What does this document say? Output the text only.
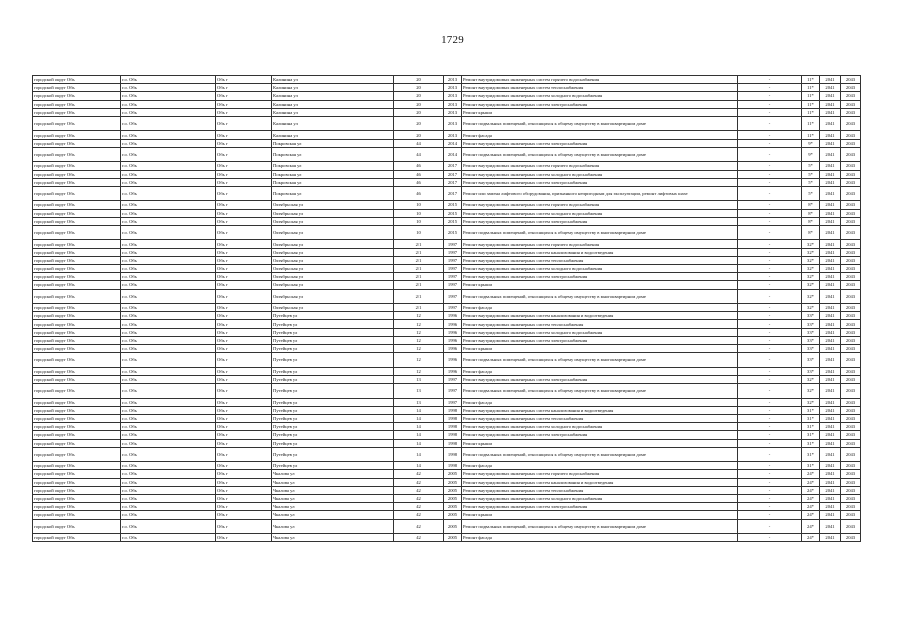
1729
городской округ Обь	г.о. Обь	Обь г	Калинина ул	20	2013	Ремонт внутридомовых инженерных систем горячего водоснабжения	-	11*	2041	2043
городской округ Обь	г.о. Обь	Обь г	Калинина ул	20	2013	Ремонт внутридомовых инженерных систем теплоснабжения	-	11*	2041	2043
городской округ Обь	г.о. Обь	Обь г	Калинина ул	20	2013	Ремонт внутридомовых инженерных систем холодного водоснабжения	-	11*	2041	2043
городской округ Обь	г.о. Обь	Обь г	Калинина ул	20	2013	Ремонт внутридомовых инженерных систем электроснабжения	-	11*	2041	2043
городской округ Обь	г.о. Обь	Обь г	Калинина ул	20	2013	Ремонт крыши	-	11*	2041	2043
городской округ Обь	г.о. Обь	Обь г	Калинина ул	20	2013	Ремонт подвальных помещений, относящихся к общему имуществу в многоквартирном доме	-	11*	2041	2043
городской округ Обь	г.о. Обь	Обь г	Калинина ул	20	2013	Ремонт фасада	-	11*	2041	2043
городской округ Обь	г.о. Обь	Обь г	Покровская ул	44	2014	Ремонт внутридомовых инженерных систем электроснабжения	-	9*	2041	2043
городской округ Обь	г.о. Обь	Обь г	Покровская ул	44	2014	Ремонт подвальных помещений, относящихся к общему имуществу в многоквартирном доме	-	9*	2041	2043
городской округ Обь	г.о. Обь	Обь г	Покровская ул	46	2017	Ремонт внутридомовых инженерных систем горячего водоснабжения	-	5*	2041	2043
городской округ Обь	г.о. Обь	Обь г	Покровская ул	46	2017	Ремонт внутридомовых инженерных систем холодного водоснабжения	-	5*	2041	2043
городской округ Обь	г.о. Обь	Обь г	Покровская ул	46	2017	Ремонт внутридомовых инженерных систем электроснабжения	-	5*	2041	2043
городской округ Обь	г.о. Обь	Обь г	Покровская ул	46	2017	Ремонт или замена лифтового оборудования, признанного непригодным для эксплуатации, ремонт лифтовых шахт	-	5*	2041	2043
городской округ Обь	г.о. Обь	Обь г	Октябрьская ул	10	2015	Ремонт внутридомовых инженерных систем горячего водоснабжения	-	8*	2041	2043
городской округ Обь	г.о. Обь	Обь г	Октябрьская ул	10	2015	Ремонт внутридомовых инженерных систем холодного водоснабжения	-	8*	2041	2043
городской округ Обь	г.о. Обь	Обь г	Октябрьская ул	10	2015	Ремонт внутридомовых инженерных систем электроснабжения	-	8*	2041	2043
городской округ Обь	г.о. Обь	Обь г	Октябрьская ул	10	2015	Ремонт подвальных помещений, относящихся к общему имуществу в многоквартирном доме	-	8*	2041	2043
городской округ Обь	г.о. Обь	Обь г	Октябрьская ул	2/1	1997	Ремонт внутридомовых инженерных систем горячего водоснабжения	-	32*	2041	2043
городской округ Обь	г.о. Обь	Обь г	Октябрьская ул	2/1	1997	Ремонт внутридомовых инженерных систем канализования и водоотведения	-	32*	2041	2043
городской округ Обь	г.о. Обь	Обь г	Октябрьская ул	2/1	1997	Ремонт внутридомовых инженерных систем теплоснабжения	-	32*	2041	2043
городской округ Обь	г.о. Обь	Обь г	Октябрьская ул	2/1	1997	Ремонт внутридомовых инженерных систем холодного водоснабжения	-	32*	2041	2043
городской округ Обь	г.о. Обь	Обь г	Октябрьская ул	2/1	1997	Ремонт внутридомовых инженерных систем электроснабжения	-	32*	2041	2043
городской округ Обь	г.о. Обь	Обь г	Октябрьская ул	2/1	1997	Ремонт крыши	-	32*	2041	2043
городской округ Обь	г.о. Обь	Обь г	Октябрьская ул	2/1	1997	Ремонт подвальных помещений, относящихся к общему имуществу в многоквартирном доме	-	32*	2041	2043
городской округ Обь	г.о. Обь	Обь г	Октябрьская ул	2/1	1997	Ремонт фасада	-	32*	2041	2043
городской округ Обь	г.о. Обь	Обь г	Путейцев ул	12	1996	Ремонт внутридомовых инженерных систем канализования и водоотведения	-	33*	2041	2043
городской округ Обь	г.о. Обь	Обь г	Путейцев ул	12	1996	Ремонт внутридомовых инженерных систем теплоснабжения	-	33*	2041	2043
городской округ Обь	г.о. Обь	Обь г	Путейцев ул	12	1996	Ремонт внутридомовых инженерных систем холодного водоснабжения	-	33*	2041	2043
городской округ Обь	г.о. Обь	Обь г	Путейцев ул	12	1996	Ремонт внутридомовых инженерных систем электроснабжения	-	33*	2041	2043
городской округ Обь	г.о. Обь	Обь г	Путейцев ул	12	1996	Ремонт крыши	-	33*	2041	2043
городской округ Обь	г.о. Обь	Обь г	Путейцев ул	12	1996	Ремонт подвальных помещений, относящихся к общему имуществу в многоквартирном доме	-	33*	2041	2043
городской округ Обь	г.о. Обь	Обь г	Путейцев ул	12	1996	Ремонт фасада	-	33*	2041	2043
городской округ Обь	г.о. Обь	Обь г	Путейцев ул	13	1997	Ремонт внутридомовых инженерных систем электроснабжения	-	32*	2041	2043
городской округ Обь	г.о. Обь	Обь г	Путейцев ул	13	1997	Ремонт подвальных помещений, относящихся к общему имуществу в многоквартирном доме	-	32*	2041	2043
городской округ Обь	г.о. Обь	Обь г	Путейцев ул	13	1997	Ремонт фасада	-	32*	2041	2043
городской округ Обь	г.о. Обь	Обь г	Путейцев ул	14	1998	Ремонт внутридомовых инженерных систем канализования и водоотведения	-	31*	2041	2043
городской округ Обь	г.о. Обь	Обь г	Путейцев ул	14	1998	Ремонт внутридомовых инженерных систем теплоснабжения	-	31*	2041	2043
городской округ Обь	г.о. Обь	Обь г	Путейцев ул	14	1998	Ремонт внутридомовых инженерных систем холодного водоснабжения	-	31*	2041	2043
городской округ Обь	г.о. Обь	Обь г	Путейцев ул	14	1998	Ремонт внутридомовых инженерных систем электроснабжения	-	31*	2041	2043
городской округ Обь	г.о. Обь	Обь г	Путейцев ул	14	1998	Ремонт крыши	-	31*	2041	2043
городской округ Обь	г.о. Обь	Обь г	Путейцев ул	14	1998	Ремонт подвальных помещений, относящихся к общему имуществу в многоквартирном доме	-	31*	2041	2043
городской округ Обь	г.о. Обь	Обь г	Путейцев ул	14	1998	Ремонт фасада	-	31*	2041	2043
городской округ Обь	г.о. Обь	Обь г	Чкалова ул	42	2005	Ремонт внутридомовых инженерных систем горячего водоснабжения	-	24*	2041	2043
городской округ Обь	г.о. Обь	Обь г	Чкалова ул	42	2005	Ремонт внутридомовых инженерных систем канализования и водоотведения	-	24*	2041	2043
городской округ Обь	г.о. Обь	Обь г	Чкалова ул	42	2005	Ремонт внутридомовых инженерных систем теплоснабжения	-	24*	2041	2043
городской округ Обь	г.о. Обь	Обь г	Чкалова ул	42	2005	Ремонт внутридомовых инженерных систем холодного водоснабжения	-	24*	2041	2043
городской округ Обь	г.о. Обь	Обь г	Чкалова ул	42	2005	Ремонт внутридомовых инженерных систем электроснабжения	-	24*	2041	2043
городской округ Обь	г.о. Обь	Обь г	Чкалова ул	42	2005	Ремонт крыши	-	24*	2041	2043
городской округ Обь	г.о. Обь	Обь г	Чкалова ул	42	2005	Ремонт подвальных помещений, относящихся к общему имуществу в многоквартирном доме	-	24*	2041	2043
городской округ Обь	г.о. Обь	Обь г	Чкалова ул	42	2005	Ремонт фасада	-	24*	2041	2043
